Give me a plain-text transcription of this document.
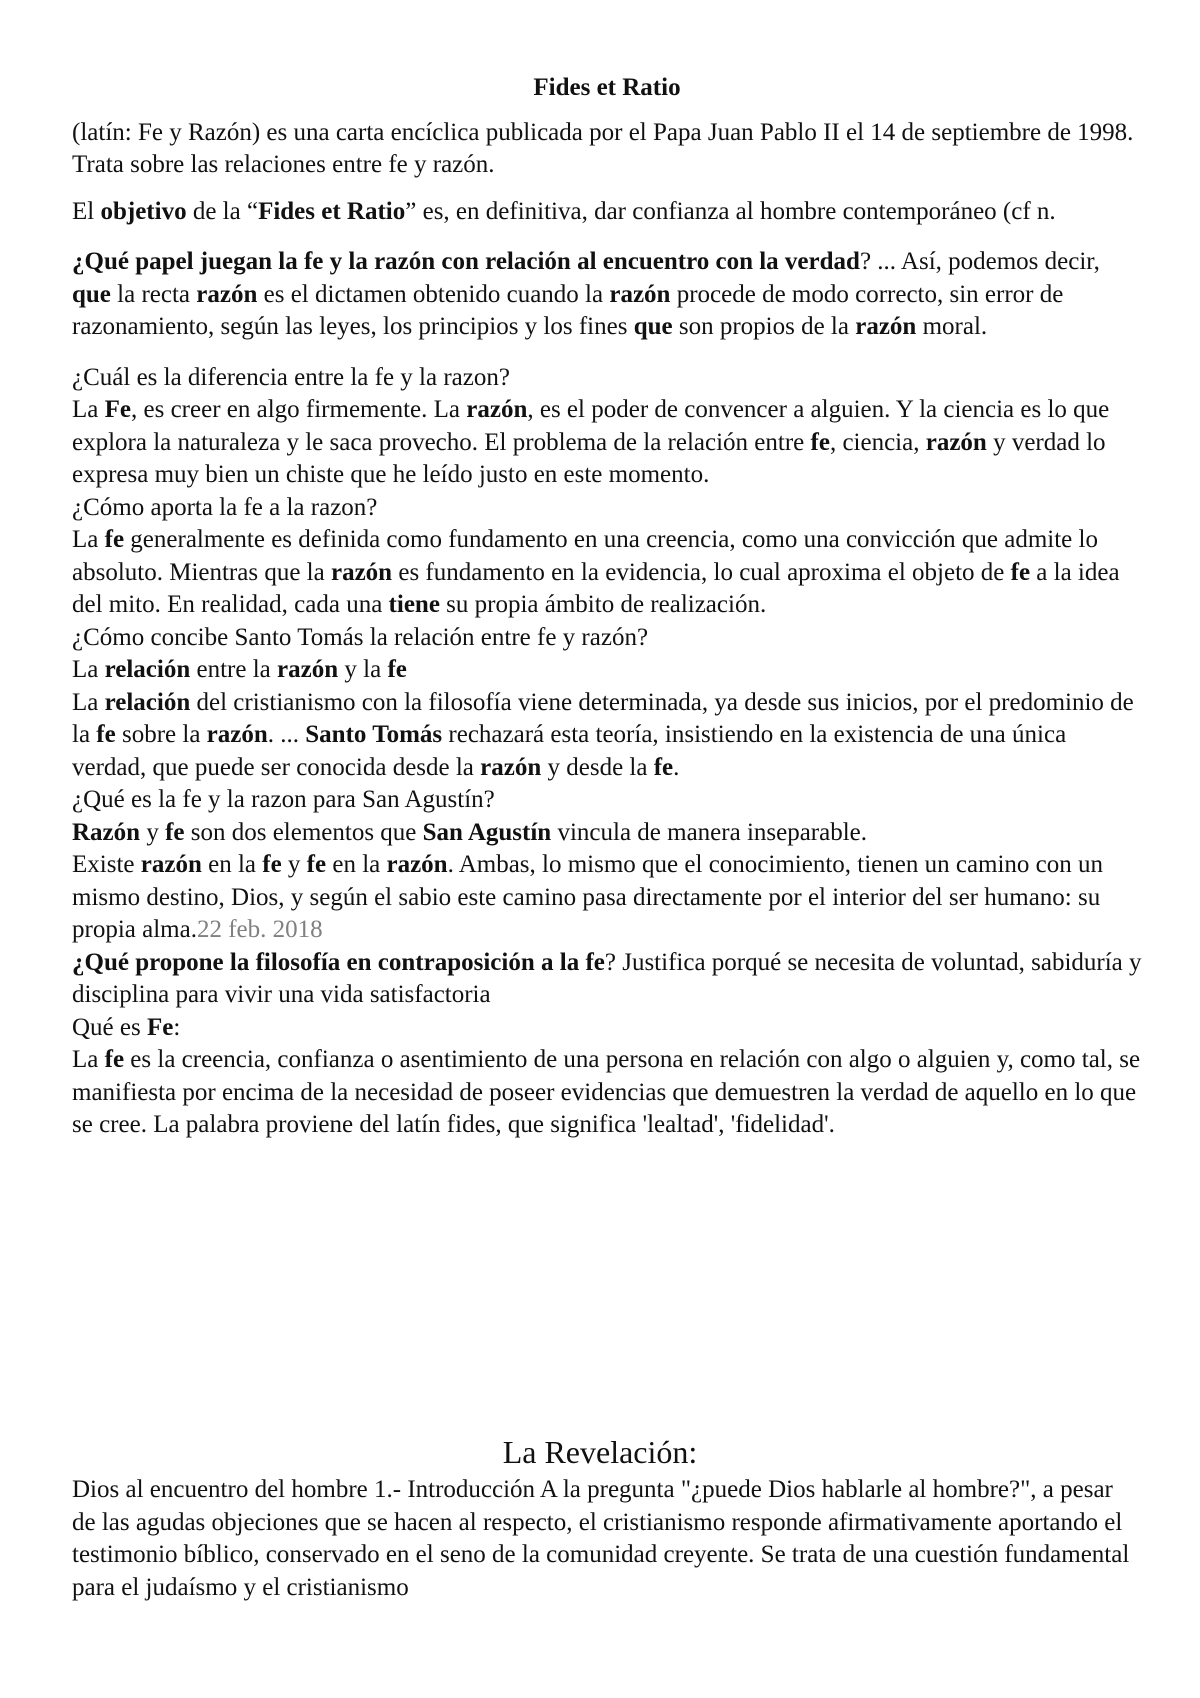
Fides et Ratio

(latín: Fe y Razón) es una carta encíclica publicada por el Papa Juan Pablo II el 14 de septiembre de 1998. Trata sobre las relaciones entre fe y razón.

El objetivo de la “Fides et Ratio” es, en definitiva, dar confianza al hombre contemporáneo (cf n.

¿Qué papel juegan la fe y la razón con relación al encuentro con la verdad? ... Así, podemos decir, que la recta razón es el dictamen obtenido cuando la razón procede de modo correcto, sin error de razonamiento, según las leyes, los principios y los fines que son propios de la razón moral.

¿Cuál es la diferencia entre la fe y la razon?

La Fe, es creer en algo firmemente. La razón, es el poder de convencer a alguien. Y la ciencia es lo que explora la naturaleza y le saca provecho. El problema de la relación entre fe, ciencia, razón y verdad lo expresa muy bien un chiste que he leído justo en este momento.

¿Cómo aporta la fe a la razon?

La fe generalmente es definida como fundamento en una creencia, como una convicción que admite lo absoluto. Mientras que la razón es fundamento en la evidencia, lo cual aproxima el objeto de fe a la idea del mito. En realidad, cada una tiene su propia ámbito de realización.

¿Cómo concibe Santo Tomás la relación entre fe y razón?

La relación entre la razón y la fe

La relación del cristianismo con la filosofía viene determinada, ya desde sus inicios, por el predominio de la fe sobre la razón. ... Santo Tomás rechazará esta teoría, insistiendo en la existencia de una única verdad, que puede ser conocida desde la razón y desde la fe.

¿Qué es la fe y la razon para San Agustín?

Razón y fe son dos elementos que San Agustín vincula de manera inseparable.

Existe razón en la fe y fe en la razón. Ambas, lo mismo que el conocimiento, tienen un camino con un mismo destino, Dios, y según el sabio este camino pasa directamente por el interior del ser humano: su propia alma.22 feb. 2018

¿Qué propone la filosofía en contraposición a la fe? Justifica porqué se necesita de voluntad, sabiduría y disciplina para vivir una vida satisfactoria

Qué es Fe:

La fe es la creencia, confianza o asentimiento de una persona en relación con algo o alguien y, como tal, se manifiesta por encima de la necesidad de poseer evidencias que demuestren la verdad de aquello en lo que se cree. La palabra proviene del latín fides, que significa 'lealtad', 'fidelidad'.

La Revelación:

Dios al encuentro del hombre 1.- Introducción A la pregunta "¿puede Dios hablarle al hombre?", a pesar de las agudas objeciones que se hacen al respecto, el cristianismo responde afirmativamente aportando el testimonio bíblico, conservado en el seno de la comunidad creyente. Se trata de una cuestión fundamental para el judaísmo y el cristianismo
